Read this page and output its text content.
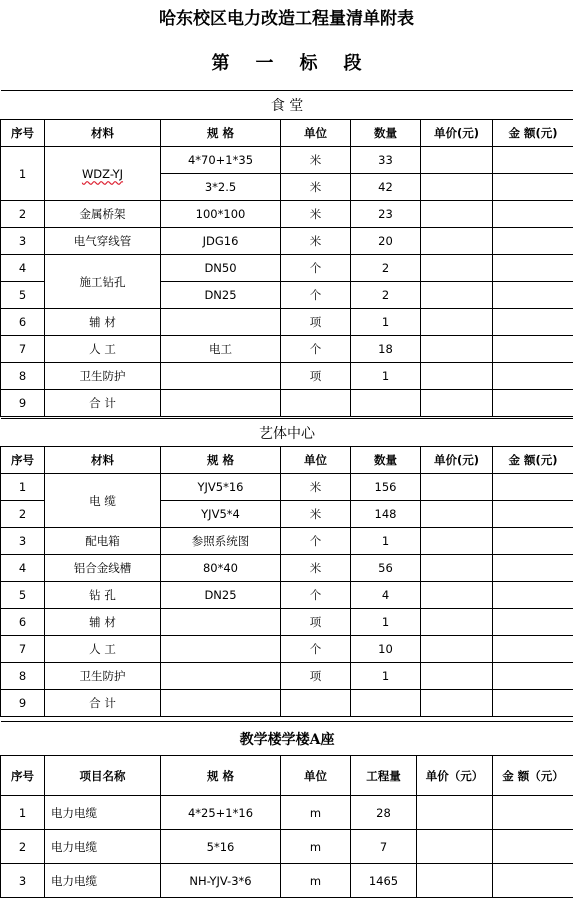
哈东校区电力改造工程量清单附表
第一标段
食 堂						
序号	材料	规 格	单位	数量	单价(元)	金 额(元)
1	WDZ-YJ	4*70+1*35	米	33		
		3*2.5	米	42		
2	金属桥架	100*100	米	23		
3	电气穿线管	JDG16	米	20		
4	施工钻孔	DN50	个	2		
5		DN25	个	2		
6	辅 材		项	1		
7	人 工	电工	个	18		
8	卫生防护		项	1		
9	合 计					
艺体中心						
序号	材料	规 格	单位	数量	单价(元)	金 额(元)
1	电 缆	YJV5*16	米	156		
2		YJV5*4	米	148		
3	配电箱	参照系统图	个	1		
4	铝合金线槽	80*40	米	56		
5	钻 孔	DN25	个	4		
6	辅 材		项	1		
7	人 工		个	10		
8	卫生防护		项	1		
9	合 计					
教学楼学楼A座						
序号	项目名称	规 格	单位	工程量	单价（元）	金 额（元）
1	电力电缆	4*25+1*16	m	28		
2	电力电缆	5*16	m	7		
3	电力电缆	NH-YJV-3*6	m	1465		
